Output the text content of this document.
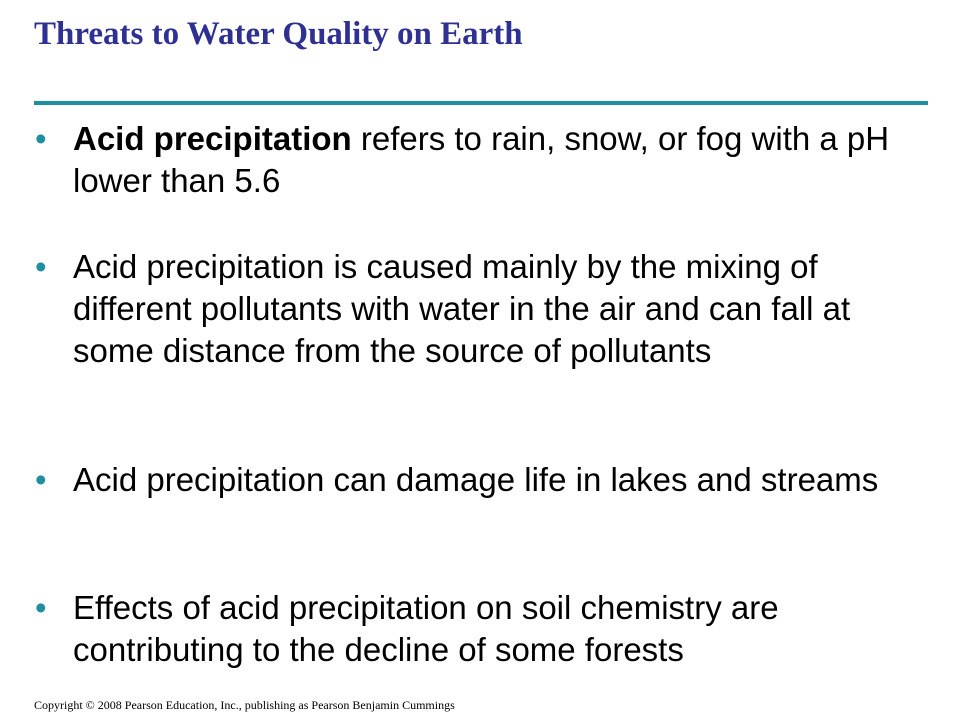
Threats to Water Quality on Earth
• Acid precipitation refers to rain, snow, or fog with a pH lower than 5.6
• Acid precipitation is caused mainly by the mixing of different pollutants with water in the air and can fall at some distance from the source of pollutants
• Acid precipitation can damage life in lakes and streams
• Effects of acid precipitation on soil chemistry are contributing to the decline of some forests
Copyright © 2008 Pearson Education, Inc., publishing as Pearson Benjamin Cummings
